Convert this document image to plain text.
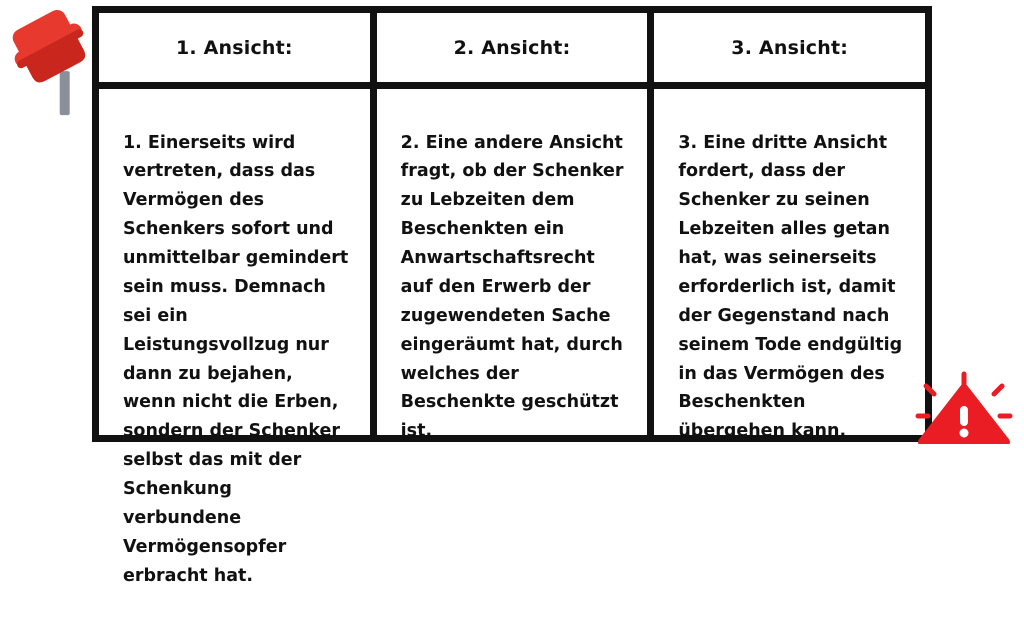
1. Ansicht:

1. Einerseits wird vertreten, dass das Vermögen des Schenkers sofort und unmittelbar gemindert sein muss. Demnach sei ein Leistungsvollzug nur dann zu bejahen, wenn nicht die Erben, sondern der Schenker selbst das mit der Schenkung verbundene Vermögensopfer erbracht hat.

2. Ansicht:

2. Eine andere Ansicht fragt, ob der Schenker zu Lebzeiten dem Beschenkten ein Anwartschaftsrecht auf den Erwerb der zugewendeten Sache eingeräumt hat, durch welches der Beschenkte geschützt ist.

3. Ansicht:

3. Eine dritte Ansicht fordert, dass der Schenker zu seinen Lebzeiten alles getan hat, was seinerseits erforderlich ist, damit der Gegenstand nach seinem Tode endgültig in das Vermögen des Beschenkten übergehen kann.
